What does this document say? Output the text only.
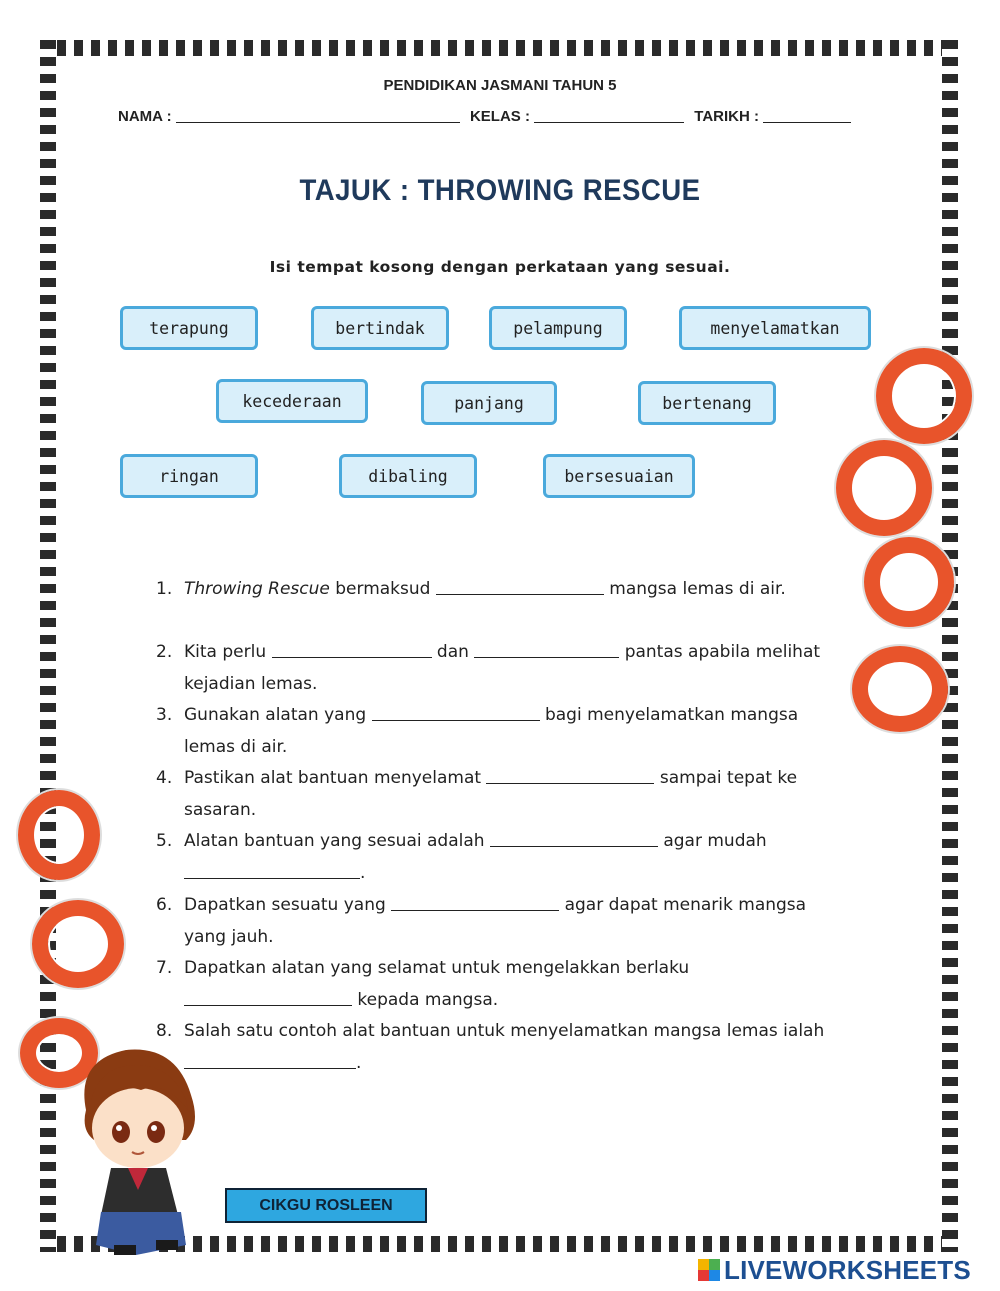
PENDIDIKAN JASMANI TAHUN 5
NAMA :	KELAS :	TARIKH :
TAJUK : THROWING RESCUE
Isi tempat kosong dengan perkataan yang sesuai.
terapung	bertindak	pelampung	menyelamatkan
kecederaan	panjang	bertenang
ringan	dibaling	bersesuaian
1. Throwing Rescue bermaksud	mangsa lemas di air.
2. Kita perlu	dan	pantas apabila melihat kejadian lemas.
3. Gunakan alatan yang	bagi menyelamatkan mangsa lemas di air.
4. Pastikan alat bantuan menyelamat	sampai tepat ke sasaran.
5. Alatan bantuan yang sesuai adalah	agar mudah .
6. Dapatkan sesuatu yang	agar dapat menarik mangsa yang jauh.
7. Dapatkan alatan yang selamat untuk mengelakkan berlaku  kepada mangsa.
8. Salah satu contoh alat bantuan untuk menyelamatkan mangsa lemas ialah .
CIKGU ROSLEEN
LIVEWORKSHEETS
